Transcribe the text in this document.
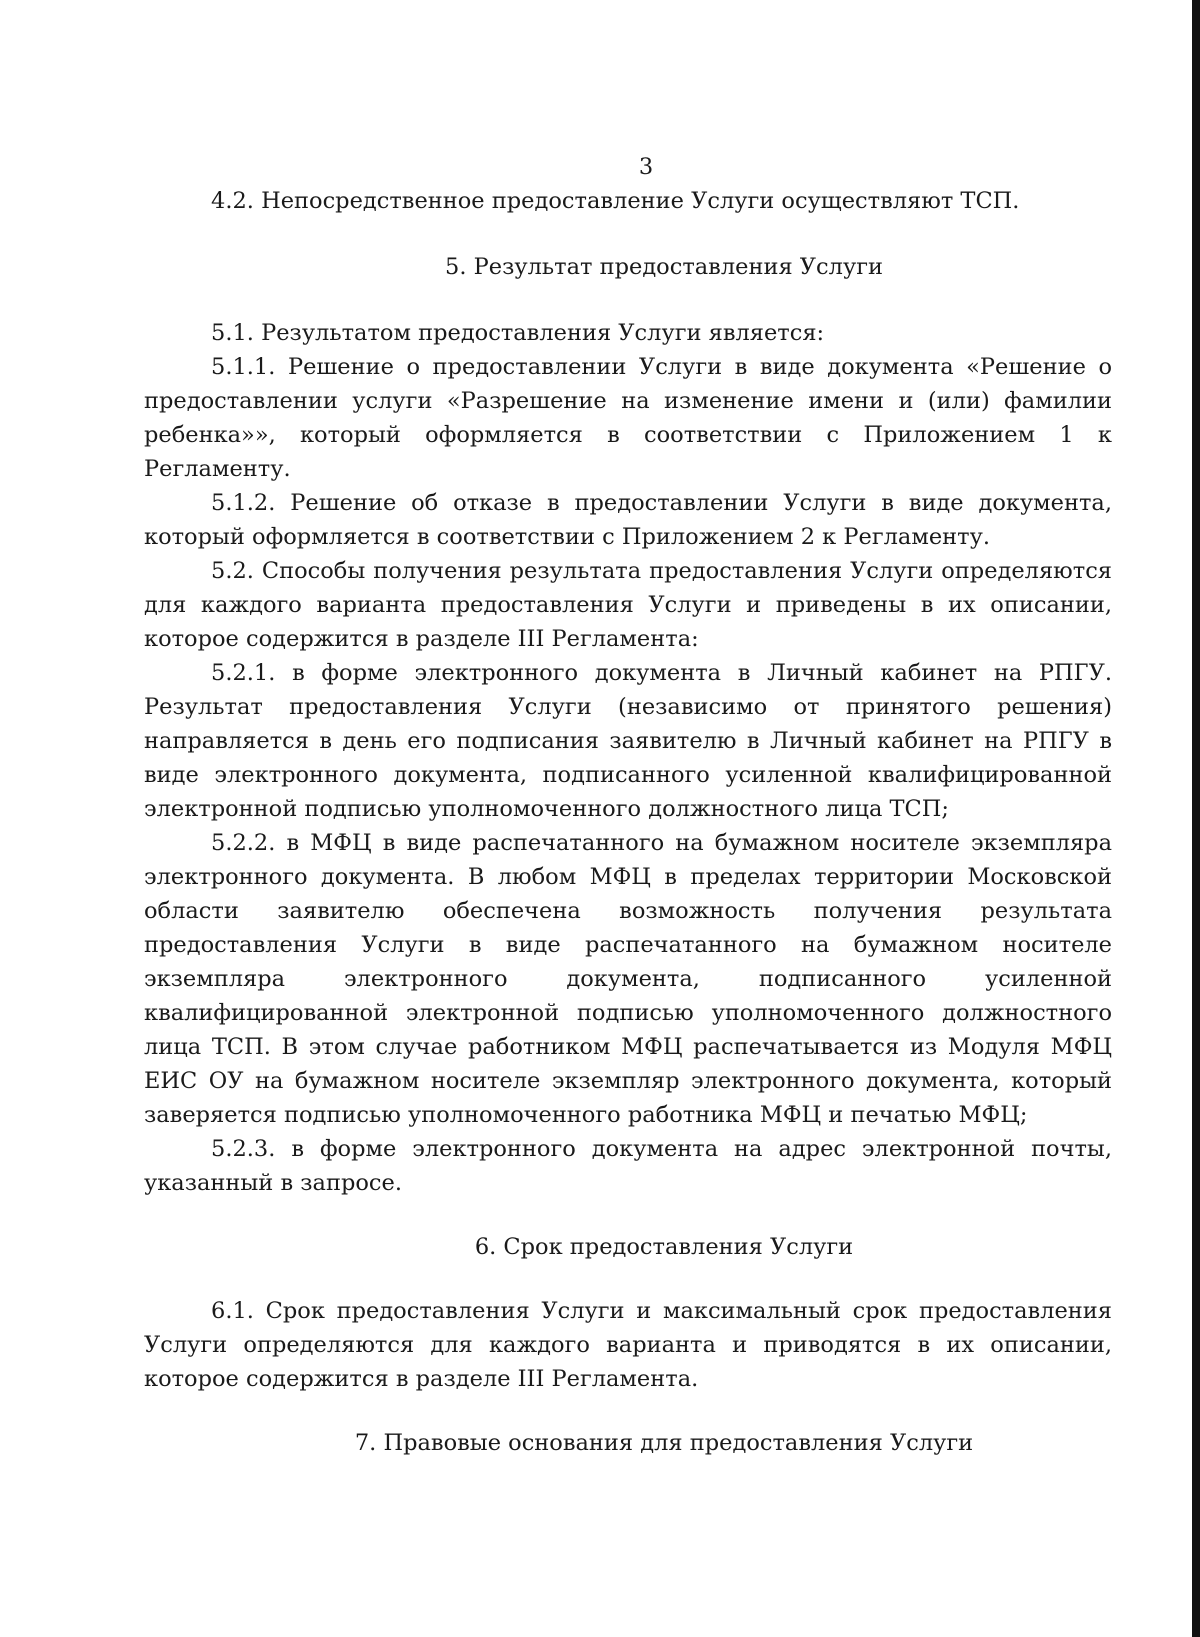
3

4.2. Непосредственное предоставление Услуги осуществляют ТСП.

5. Результат предоставления Услуги

5.1. Результатом предоставления Услуги является:

5.1.1. Решение о предоставлении Услуги в виде документа «Решение о предоставлении услуги «Разрешение на изменение имени и (или) фамилии ребенка»», который оформляется в соответствии с Приложением 1 к Регламенту.

5.1.2. Решение об отказе в предоставлении Услуги в виде документа, который оформляется в соответствии с Приложением 2 к Регламенту.

5.2. Способы получения результата предоставления Услуги определяются для каждого варианта предоставления Услуги и приведены в их описании, которое содержится в разделе III Регламента:

5.2.1. в форме электронного документа в Личный кабинет на РПГУ. Результат предоставления Услуги (независимо от принятого решения) направляется в день его подписания заявителю в Личный кабинет на РПГУ в виде электронного документа, подписанного усиленной квалифицированной электронной подписью уполномоченного должностного лица ТСП;

5.2.2. в МФЦ в виде распечатанного на бумажном носителе экземпляра электронного документа. В любом МФЦ в пределах территории Московской области заявителю обеспечена возможность получения результата предоставления Услуги в виде распечатанного на бумажном носителе экземпляра электронного документа, подписанного усиленной квалифицированной электронной подписью уполномоченного должностного лица ТСП. В этом случае работником МФЦ распечатывается из Модуля МФЦ ЕИС ОУ на бумажном носителе экземпляр электронного документа, который заверяется подписью уполномоченного работника МФЦ и печатью МФЦ;

5.2.3. в форме электронного документа на адрес электронной почты, указанный в запросе.

6. Срок предоставления Услуги

6.1. Срок предоставления Услуги и максимальный срок предоставления Услуги определяются для каждого варианта и приводятся в их описании, которое содержится в разделе III Регламента.

7. Правовые основания для предоставления Услуги
